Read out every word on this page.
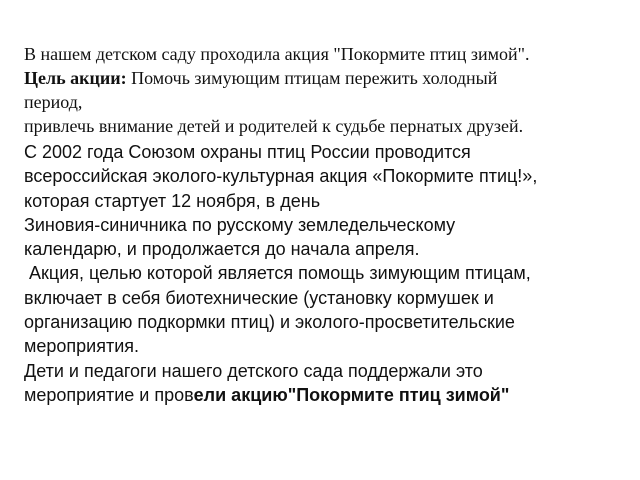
В нашем детском саду проходила акция "Покормите птиц зимой".
Цель акции: Помочь зимующим птицам пережить холодный
период,
привлечь внимание детей и родителей к судьбе пернатых друзей.
С 2002 года Союзом охраны птиц России проводится
всероссийская эколого-культурная акция «Покормите птиц!»,
которая стартует 12 ноября, в день
Зиновия-синичника по русскому земледельческому
календарю, и продолжается до начала апреля.
Акция, целью которой является помощь зимующим птицам,
включает в себя биотехнические (установку кормушек и
организацию подкормки птиц) и эколого-просветительские
мероприятия.
Дети и педагоги нашего детского сада поддержали это
мероприятие и провели акцию"Покормите птиц зимой"
